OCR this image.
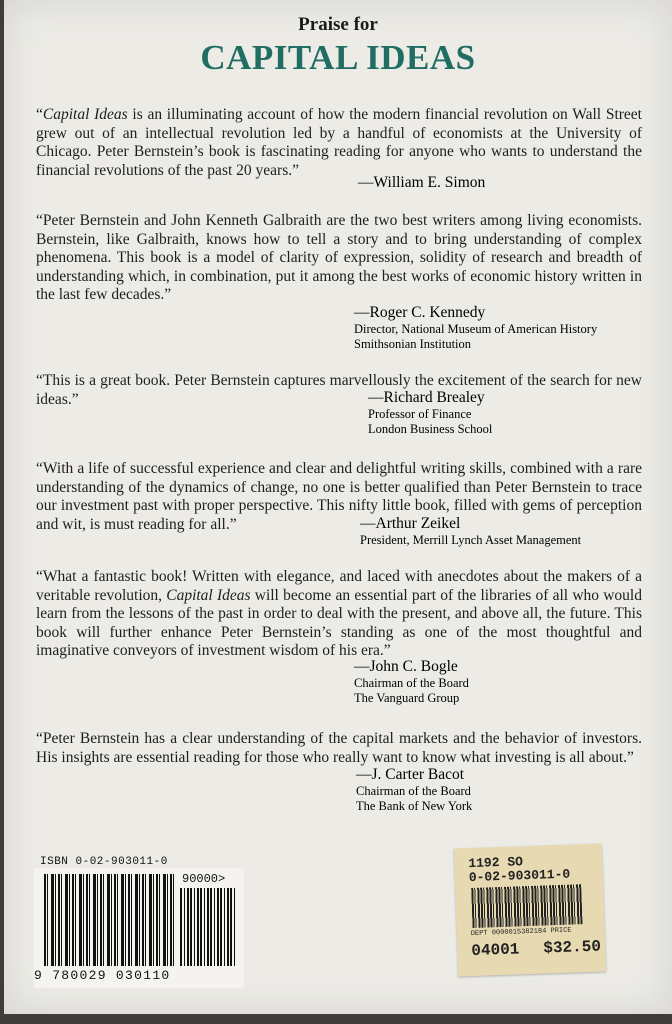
Praise for

CAPITAL IDEAS

“Capital Ideas is an illuminating account of how the modern financial revolution on Wall Street grew out of an intellectual revolution led by a handful of economists at the University of Chicago. Peter Bernstein’s book is fascinating reading for anyone who wants to understand the financial revolutions of the past 20 years.”

—William E. Simon

“Peter Bernstein and John Kenneth Galbraith are the two best writers among living economists. Bernstein, like Galbraith, knows how to tell a story and to bring understanding of complex phenomena. This book is a model of clarity of expression, solidity of research and breadth of understanding which, in combination, put it among the best works of economic history written in the last few decades.”

—Roger C. Kennedy
Director, National Museum of American History
Smithsonian Institution

“This is a great book. Peter Bernstein captures marvellously the excitement of the search for new ideas.”	—Richard Brealey
Professor of Finance
London Business School

“With a life of successful experience and clear and delightful writing skills, combined with a rare understanding of the dynamics of change, no one is better qualified than Peter Bernstein to trace our investment past with proper perspective. This nifty little book, filled with gems of perception and wit, is must reading for all.”	—Arthur Zeikel
President, Merrill Lynch Asset Management

“What a fantastic book! Written with elegance, and laced with anecdotes about the makers of a veritable revolution, Capital Ideas will become an essential part of the libraries of all who would learn from the lessons of the past in order to deal with the present, and above all, the future. This book will further enhance Peter Bernstein’s standing as one of the most thoughtful and imaginative conveyors of investment wisdom of his era.”

—John C. Bogle
Chairman of the Board
The Vanguard Group

“Peter Bernstein has a clear understanding of the capital markets and the behavior of investors. His insights are essential reading for those who really want to know what investing is all about.”

—J. Carter Bacot
Chairman of the Board
The Bank of New York
ISBN 0-02-903011-0
90000>
9 780029 030110
1192 SO
0-02-903011-0
DEPT 0000015382184 PRICE
04001 $32.50
